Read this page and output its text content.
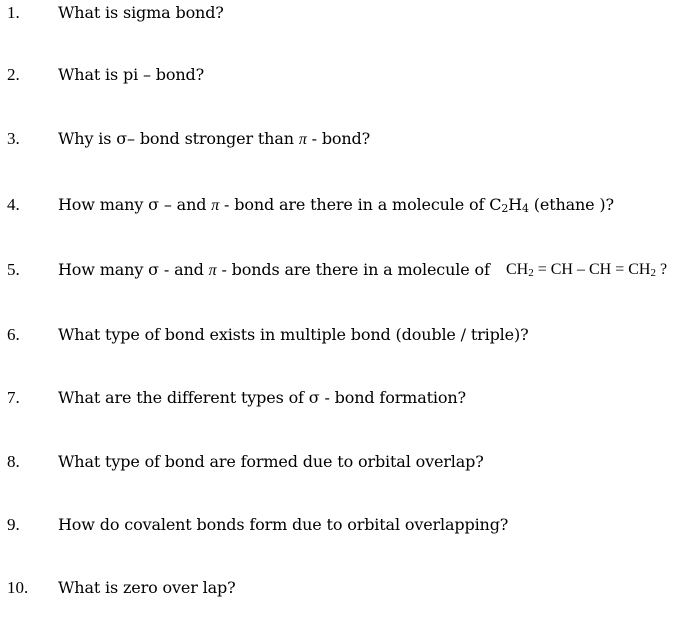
1. What is sigma bond?
2. What is pi – bond?
3. Why is σ– bond stronger than π - bond?
4. How many σ – and π - bond are there in a molecule of $C_2H_4$ (ethane )?
5. How many σ - and π - bonds are there in a molecule of $CH_2$ = CH – CH = $CH_2$ ?
6. What type of bond exists in multiple bond (double / triple)?
7. What are the different types of σ - bond formation?
8. What type of bond are formed due to orbital overlap?
9. How do covalent bonds form due to orbital overlapping?
10. What is zero over lap?
